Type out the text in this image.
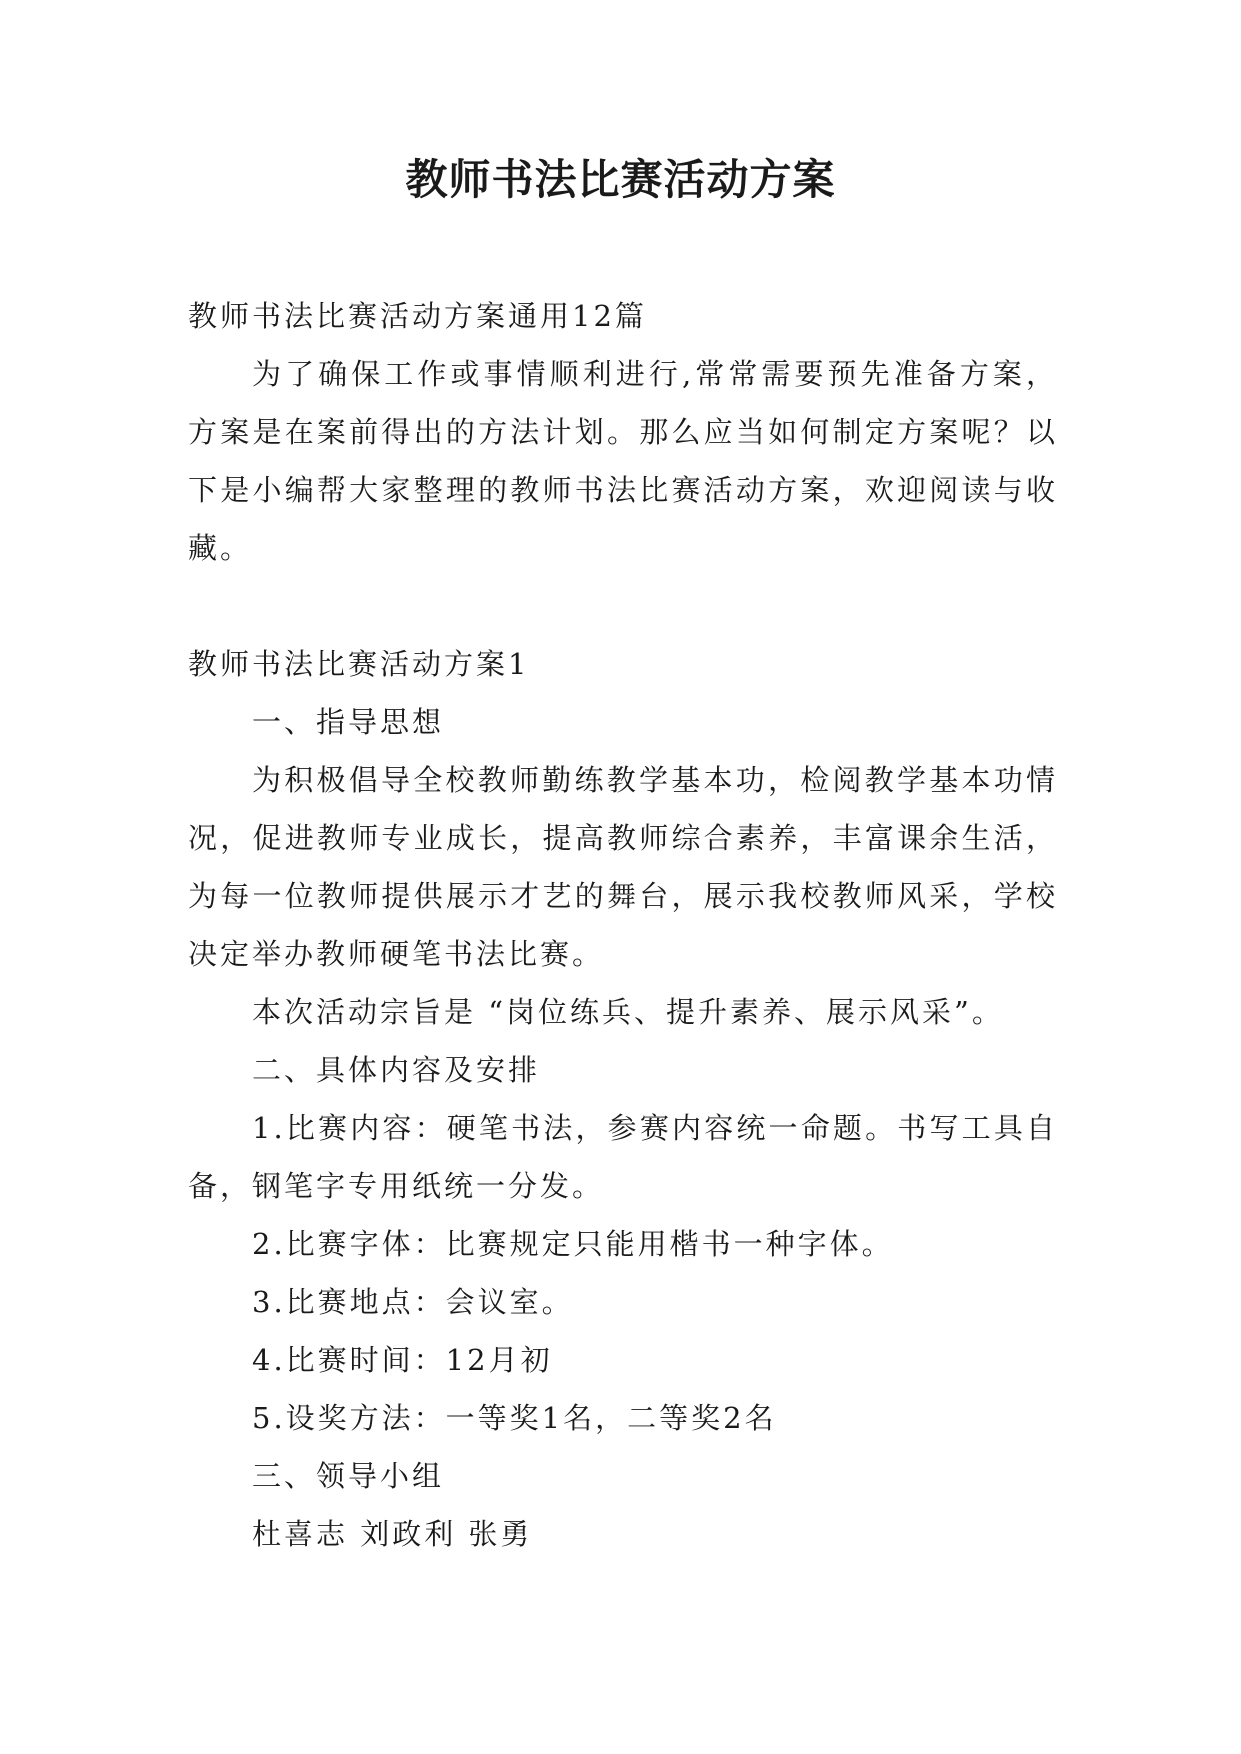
教师书法比赛活动方案

教师书法比赛活动方案通用12篇

为了确保工作或事情顺利进行,常常需要预先准备方案，方案是在案前得出的方法计划。那么应当如何制定方案呢？以下是小编帮大家整理的教师书法比赛活动方案，欢迎阅读与收藏。

教师书法比赛活动方案1

一、指导思想

为积极倡导全校教师勤练教学基本功，检阅教学基本功情况，促进教师专业成长，提高教师综合素养，丰富课余生活，为每一位教师提供展示才艺的舞台，展示我校教师风采，学校决定举办教师硬笔书法比赛。

本次活动宗旨是 “岗位练兵、提升素养、展示风采”。

二、具体内容及安排

1.比赛内容：硬笔书法，参赛内容统一命题。书写工具自备，钢笔字专用纸统一分发。

2.比赛字体：比赛规定只能用楷书一种字体。

3.比赛地点：会议室。

4.比赛时间：12月初

5.设奖方法：一等奖1名，二等奖2名

三、领导小组

杜喜志 刘政利 张勇
